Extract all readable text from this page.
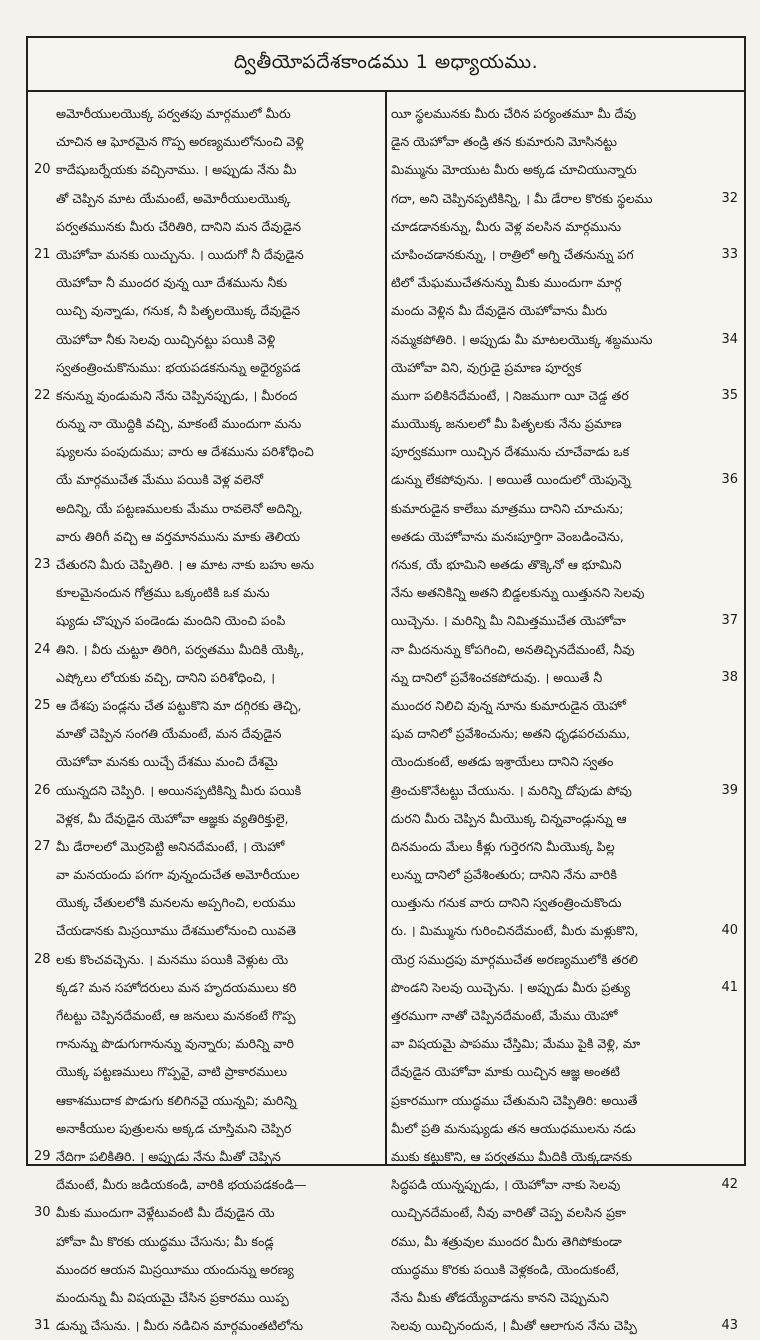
ద్వితీయోపదేశకాండము 1 అధ్యాయము.
అమోరీయులయొక్క పర్వతపు మార్గములో మీరు
చూచిన ఆ ఘోరమైన గొప్ప అరణ్యములోనుంచి వెళ్లి
20 కాదేషుబర్నేయకు వచ్చినాము. । అప్పుడు నేను మీ
తో చెప్పిన మాట యేమంటే, అమోరీయులయొక్క
పర్వతమునకు మీరు చేరితిరి, దానిని మన దేవుడైన
21 యెహోవా మనకు యిచ్చును. । యిదుగో నీ దేవుడైన
యెహోవా నీ ముందర వున్న యీ దేశమును నీకు
యిచ్చి వున్నాడు, గనుక, నీ పితృలయొక్క దేవుడైన
యెహోవా నీకు సెలవు యిచ్చినట్టు పయికి వెళ్లి
స్వతంత్రించుకొనుము: భయపడకనున్ను అధైర్యపడ
22 కనున్ను వుండుమని నేను చెప్పినప్పుడు, । మీరంద
రున్ను నా యొద్దికి వచ్చి, మాకంటే ముందుగా మను
ష్యులను పంపుదుము; వారు ఆ దేశమును పరిశోధించి
యే మార్గముచేత మేము పయికి వెళ్ల వలెనో
అదిన్ని, యే పట్టణములకు మేము రావలెనో అదిన్ని,
వారు తిరిగీ వచ్చి ఆ వర్తమానమును మాకు తెలియ
23 చేతురని మీరు చెప్పితిరి. । ఆ మాట నాకు బహు అను
కూలమైనందున గోత్రము ఒక్కంటికి ఒక మను
ష్యుడు చొప్పున పండెండు మందిని యెంచి పంపి
24 తిని. । వీరు చుట్టూ తిరిగి, పర్వతము మీదికి యెక్కి,
ఎష్కోలు లోయకు వచ్చి, దానిని పరిశోధించి, ।
25 ఆ దేశపు పండ్లను చేత పట్టుకొని మా దగ్గిరకు తెచ్చి,
మాతో చెప్పిన సంగతి యేమంటే, మన దేవుడైన
యెహోవా మనకు యిచ్చే దేశము మంచి దేశమై
26 యున్నదని చెప్పిరి. । అయినప్పటికిన్ని మీరు పయికి
వెళ్లక, మీ దేవుడైన యెహోవా ఆజ్ఞకు వ్యతిరిక్తులై,
27 మీ డేరాలలో మొర్రపెట్టి అనినదేమంటే, । యెహో
వా మనయందు పగగా వున్నందుచేత అమోరీయుల
యొక్క చేతులలోకి మనలను అప్పగించి, లయము
చేయడానకు మిస్రయీము దేశములోనుంచి యివతె
28 లకు కొంచవచ్చెను. । మనము పయికి వెళ్లుట యె
క్కడ? మన సహోదరులు మన హృదయములు కరి
గేటట్టు చెప్పినదేమంటే, ఆ జనులు మనకంటే గొప్ప
గానున్ను పొడుగుగానున్ను వున్నారు; మరిన్ని వారి
యొక్క పట్టణములు గొప్పవై, వాటి ప్రాకారములు
ఆకాశముదాక పొడుగు కలిగినవై యున్నవి; మరిన్ని
అనాకీయుల పుత్రులను అక్కడ చూస్తిమని చెప్పిర
29 నేదిగా పలికితిరి. । అప్పుడు నేను మీతో చెప్పిన
దేమంటే, మీరు జడియకండి, వారికి భయపడకండి—
30 మీకు ముందుగా వెళ్లేటువంటి మీ దేవుడైన యె
హోవా మీ కొరకు యుద్ధము చేసును; మీ కండ్ల
ముందర ఆయన మిస్రయీము యందున్ను అరణ్య
మందున్ను మీ విషయమై చేసిన ప్రకారము యిప్ప
31 డున్ను చేసును. । మీరు నడిచిన మార్గమంతటిలోను
యీ స్థలమునకు మీరు చేరిన పర్యంతమూ మీ దేవు
డైన యెహోవా తండ్రి తన కుమారుని మోసినట్టు
మిమ్మును మోయుట మీరు అక్కడ చూచియున్నారు
గదా, అని చెప్పినప్పటికిన్ని, । మీ డేరాల కొరకు స్థలము	32
చూడడానకున్ను, మీరు వెళ్ల వలసిన మార్గమును
చూపించడానకున్ను, । రాత్రిలో అగ్ని చేతనున్ను పగ	33
టిలో మేఘముచేతనున్ను మీకు ముందుగా మార్గ
మందు వెళ్లిన మీ దేవుడైన యెహోవాను మీరు
నమ్మకపోతిరి. । అప్పుడు మీ మాటలయొక్క శబ్దమును	34
యెహోవా విని, వుగ్రుడై ప్రమాణ పూర్వక
ముగా పలికినదేమంటే, । నిజముగా యీ చెడ్డ తర	35
ముయొక్క జనులలో మీ పితృలకు నేను ప్రమాణ
పూర్వకముగా యిచ్చిన దేశమును చూచేవాడు ఒక
డున్ను లేకపోవును. । అయితే యిందులో యెపున్నె	36
కుమారుడైన కాలేబు మాత్రము దానిని చూచును;
అతడు యెహోవాను మనఃపూర్తిగా వెంబడించెను,
గనుక, యే భూమిని అతడు తొక్కెనో ఆ భూమిని
నేను అతనికిన్ని అతని బిడ్డలకున్ను యిత్తునని సెలవు
యిచ్చెను. । మరిన్ని మీ నిమిత్తముచేత యెహోవా	37
నా మీదనున్ను కోపగించి, అనతిచ్చినదేమంటే, నీవు
న్ను దానిలో ప్రవేశించకపోదువు. । అయితే నీ	38
ముందర నిలిచి వున్న నూను కుమారుడైన యెహో
షువ దానిలో ప్రవేశించును; అతని ధృఢపరచుము,
యెందుకంటే, అతడు ఇశ్రాయేలు దానిని స్వతం
త్రించుకొనేటట్టు చేయును. । మరిన్ని దోపుడు పోవు	39
దురని మీరు చెప్పిన మీయొక్క చిన్నవాండ్లున్ను ఆ
దినమందు మేలు కీళ్లు గుర్తెరగని మీయొక్క పిల్ల
లున్ను దానిలో ప్రవేశింతురు; దానిని నేను వారికి
యిత్తును గనుక వారు దానిని స్వతంత్రించుకొందు
రు. । మిమ్మును గురించినదేమంటే, మీరు మళ్లుకొని,	40
యెర్ర సముద్రపు మార్గముచేత అరణ్యములోకి తరలి
పొండని సెలవు యిచ్చెను. । అప్పుడు మీరు ప్రత్యు	41
త్తరముగా నాతో చెప్పినదేమంటే, మేము యెహో
వా విషయమై పాపము చేస్తిమి; మేము పైకి వెళ్లి, మా
దేవుడైన యెహోవా మాకు యిచ్చిన ఆజ్ఞ అంతటి
ప్రకారముగా యుద్ధము చేతుమని చెప్పితిరి: అయితే
మీలో ప్రతి మనుష్యుడు తన ఆయుధములను నడు
ముకు కట్టుకొని, ఆ పర్వతము మీదికి యెక్కడానకు
సిద్ధపడి యున్నప్పుడు, । యెహోవా నాకు సెలవు	42
యిచ్చినదేమంటే, నీవు వారితో చెప్ప వలసిన ప్రకా
రము, మీ శత్రువుల ముందర మీరు తెగిపోకుండా
యుద్ధము కొరకు పయికి వెళ్లకండి, యెందుకంటే,
నేను మీకు తోడయ్యేవాడను కానని చెప్పుమని
సెలవు యిచ్చినందున, । మీతో ఆలాగున నేను చెప్పి	43
